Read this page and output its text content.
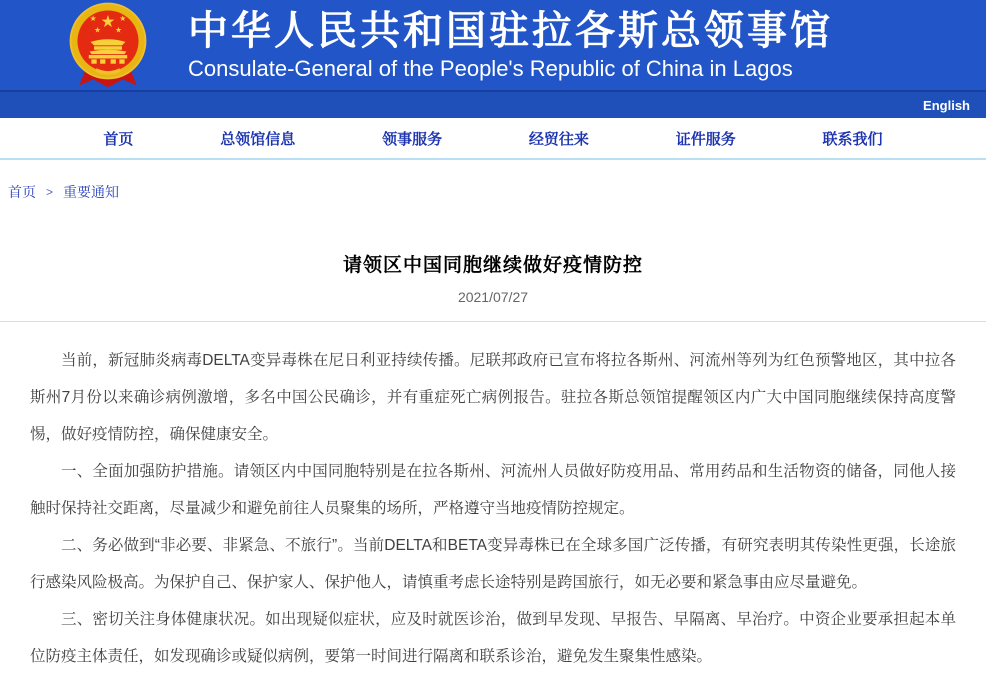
★
★	★
★ ★ 中华人民共和国驻拉各斯总领事馆
Consulate-General of the People's Republic of China in Lagos
English
首页	总领馆信息	领事服务	经贸往来	证件服务	联系我们
首页 > 重要通知
请领区中国同胞继续做好疫情防控
2021/07/27

当前，新冠肺炎病毒DELTA变异毒株在尼日利亚持续传播。尼联邦政府已宣布将拉各斯州、河流州等列为红色预警地区，其中拉各斯州7月份以来确诊病例激增，多名中国公民确诊，并有重症死亡病例报告。驻拉各斯总领馆提醒领区内广大中国同胞继续保持高度警惕，做好疫情防控，确保健康安全。

一、全面加强防护措施。请领区内中国同胞特别是在拉各斯州、河流州人员做好防疫用品、常用药品和生活物资的储备，同他人接触时保持社交距离，尽量减少和避免前往人员聚集的场所，严格遵守当地疫情防控规定。

二、务必做到“非必要、非紧急、不旅行”。当前DELTA和BETA变异毒株已在全球多国广泛传播，有研究表明其传染性更强，长途旅行感染风险极高。为保护自己、保护家人、保护他人，请慎重考虑长途特别是跨国旅行，如无必要和紧急事由应尽量避免。

三、密切关注身体健康状况。如出现疑似症状，应及时就医诊治，做到早发现、早报告、早隔离、早治疗。中资企业要承担起本单位防疫主体责任，如发现确诊或疑似病例，要第一时间进行隔离和联系诊治，避免发生聚集性感染。
